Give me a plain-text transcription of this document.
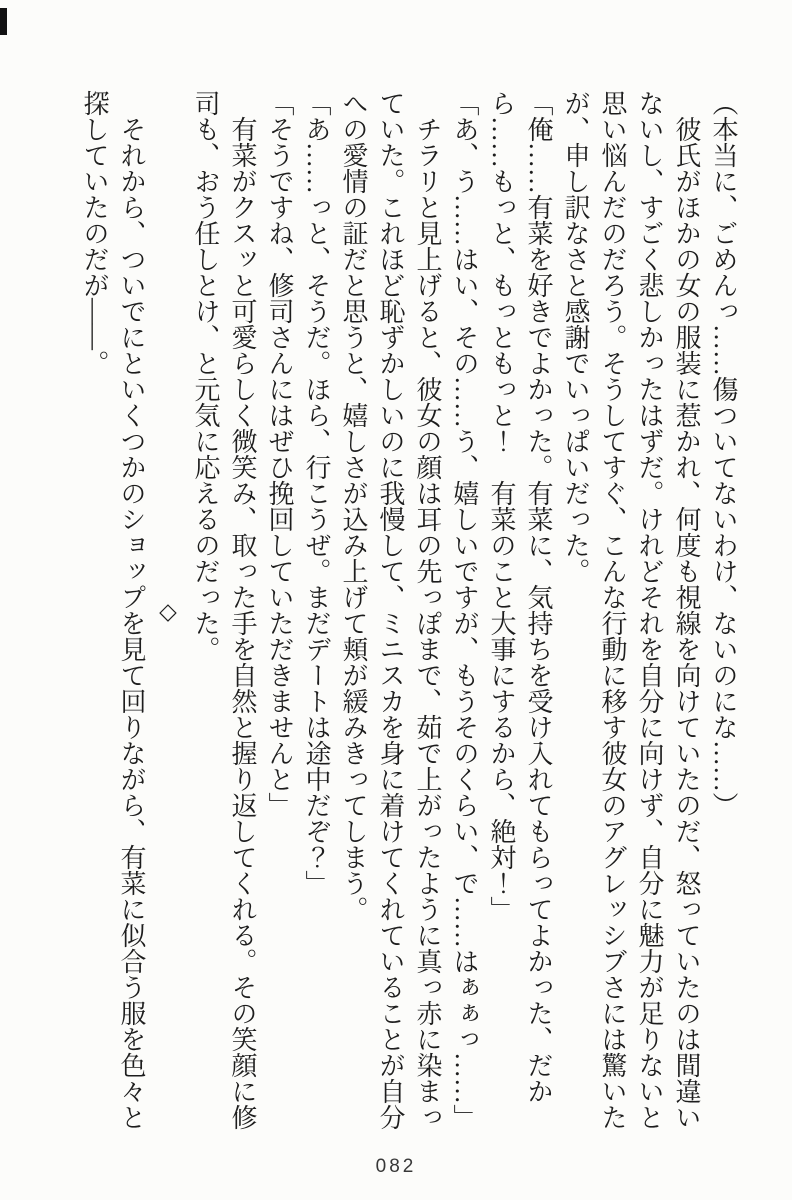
（本当に、ごめんっ……傷ついてないわけ、ないのにな……）

彼氏がほかの女の服装に惹かれ、何度も視線を向けていたのだ、怒っていたのは間違いないし、すごく悲しかったはずだ。けれどそれを自分に向けず、自分に魅力が足りないと思い悩んだのだろう。そうしてすぐ、こんな行動に移す彼女のアグレッシブさには驚いたが、申し訳なさと感謝でいっぱいだった。

「俺……有菜を好きでよかった。有菜に、気持ちを受け入れてもらってよかった、だから……もっと、もっともっと！　有菜のこと大事にするから、絶対！」

「あ、う……はい、その……う、嬉しいですが、もうそのくらい、で……はぁぁっ……」

チラリと見上げると、彼女の顔は耳の先っぽまで、茹で上がったように真っ赤に染まっていた。これほど恥ずかしいのに我慢して、ミニスカを身に着けてくれていることが自分への愛情の証だと思うと、嬉しさが込み上げて頬が緩みきってしまう。

「あ……っと、そうだ。ほら、行こうぜ。まだデートは途中だぞ？」

「そうですね、修司さんにはぜひ挽回していただきませんと」

有菜がクスッと可愛らしく微笑み、取った手を自然と握り返してくれる。その笑顔に修司も、おう任しとけ、と元気に応えるのだった。

◇

それから、ついでにといくつかのショップを見て回りながら、有菜に似合う服を色々と探していたのだが――。

082
